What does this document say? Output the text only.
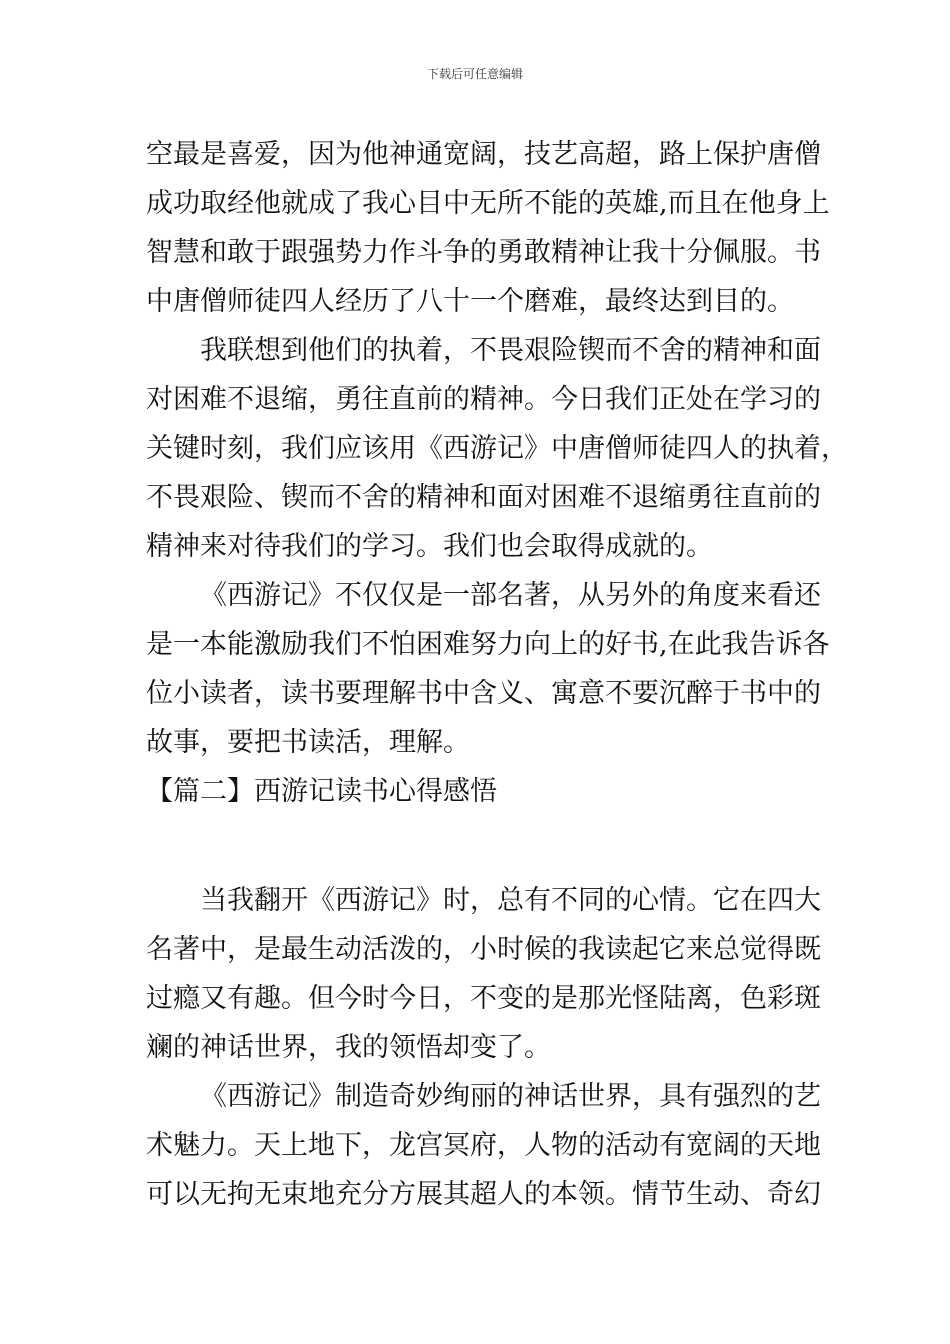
下载后可任意编辑
空最是喜爱，因为他神通宽阔，技艺高超，路上保护唐僧
成功取经他就成了我心目中无所不能的英雄,而且在他身上
智慧和敢于跟强势力作斗争的勇敢精神让我十分佩服。书
中唐僧师徒四人经历了八十一个磨难，最终达到目的。
我联想到他们的执着，不畏艰险锲而不舍的精神和面
对困难不退缩，勇往直前的精神。今日我们正处在学习的
关键时刻，我们应该用《西游记》中唐僧师徒四人的执着，
不畏艰险、锲而不舍的精神和面对困难不退缩勇往直前的
精神来对待我们的学习。我们也会取得成就的。
《西游记》不仅仅是一部名著，从另外的角度来看还
是一本能激励我们不怕困难努力向上的好书,在此我告诉各
位小读者，读书要理解书中含义、寓意不要沉醉于书中的
故事，要把书读活，理解。
【篇二】西游记读书心得感悟
当我翻开《西游记》时，总有不同的心情。它在四大
名著中，是最生动活泼的，小时候的我读起它来总觉得既
过瘾又有趣。但今时今日，不变的是那光怪陆离，色彩斑
斓的神话世界，我的领悟却变了。
《西游记》制造奇妙绚丽的神话世界，具有强烈的艺
术魅力。天上地下，龙宫冥府，人物的活动有宽阔的天地
可以无拘无束地充分方展其超人的本领。情节生动、奇幻
